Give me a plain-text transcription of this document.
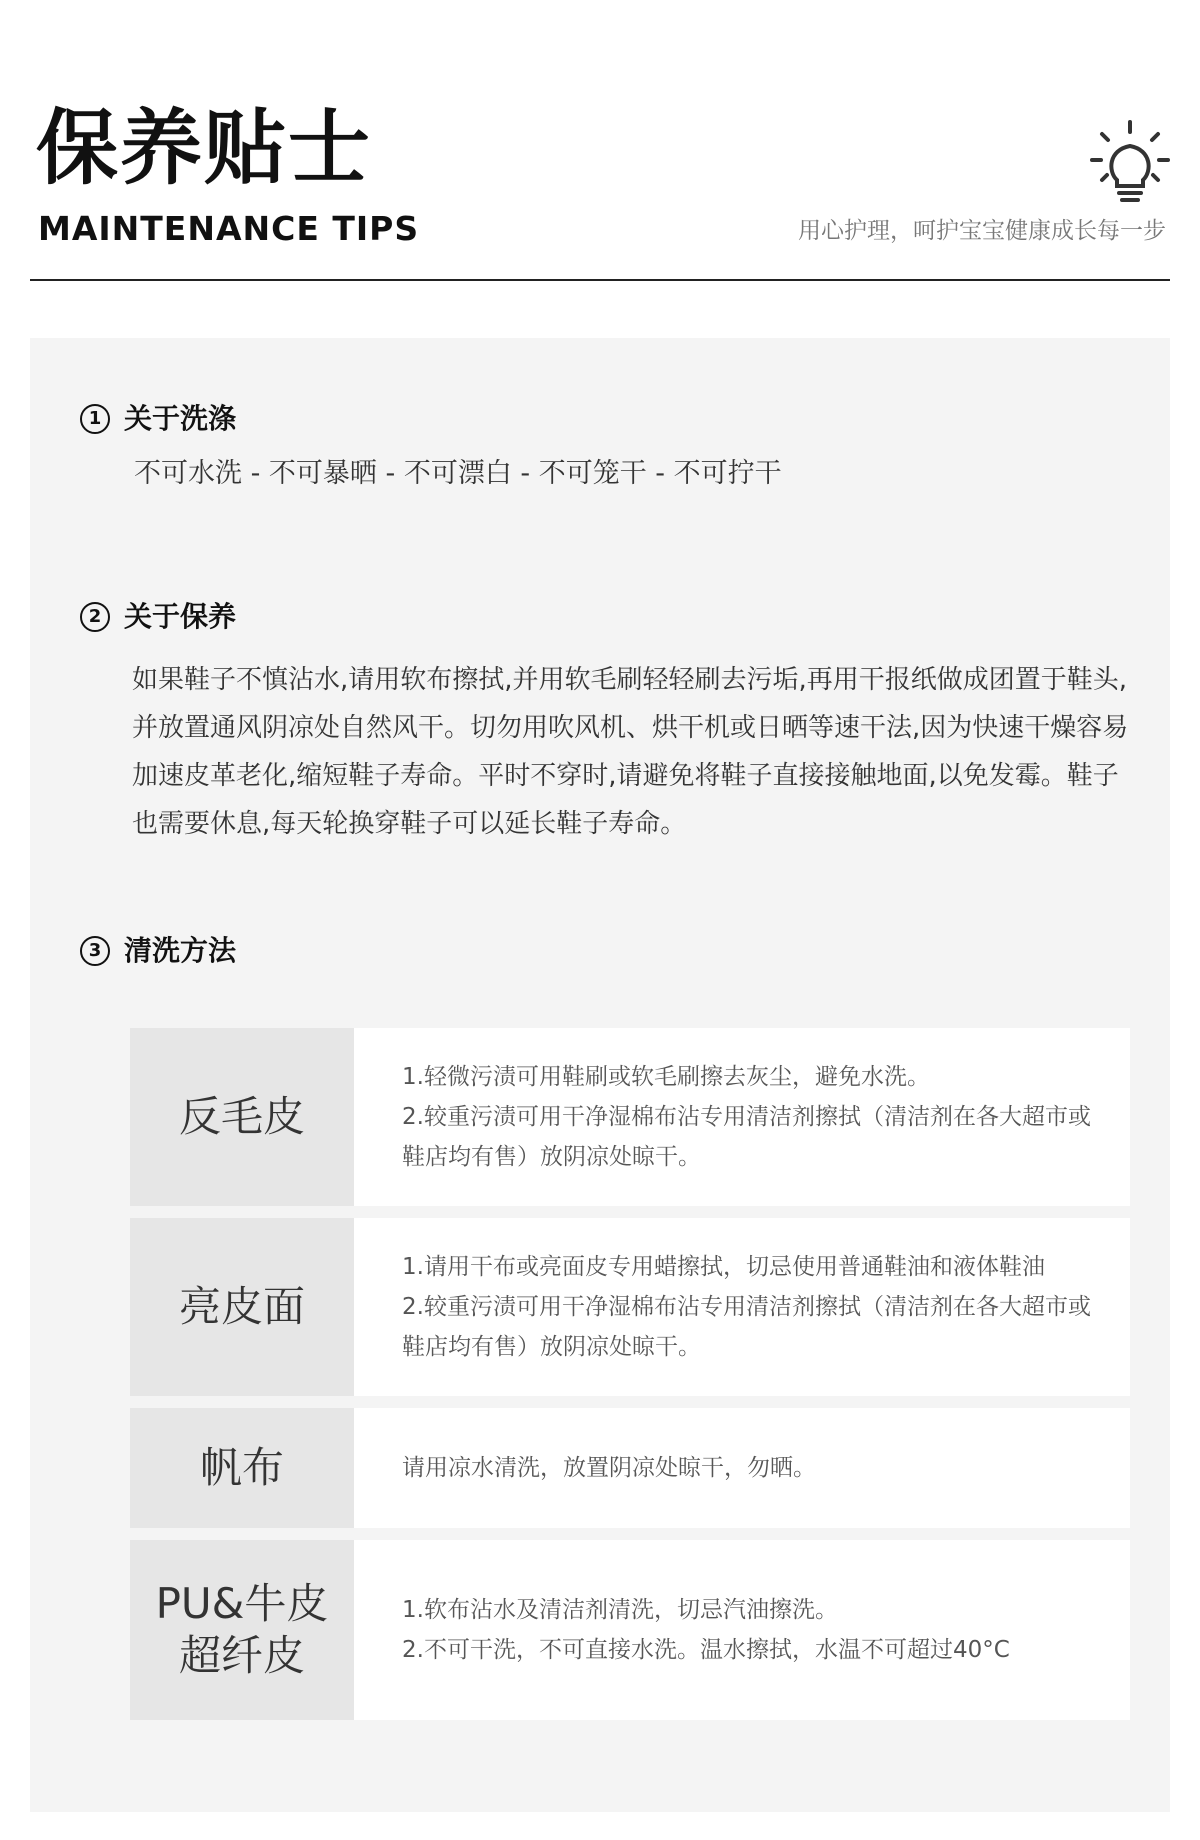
保养贴士
MAINTENANCE TIPS	用心护理，呵护宝宝健康成长每一步
1 关于洗涤
不可水洗 - 不可暴晒 - 不可漂白 - 不可笼干 - 不可拧干
2 关于保养
如果鞋子不慎沾水,请用软布擦拭,并用软毛刷轻轻刷去污垢,再用干报纸做成团置于鞋头,并放置通风阴凉处自然风干。切勿用吹风机、烘干机或日晒等速干法,因为快速干燥容易加速皮革老化,缩短鞋子寿命。平时不穿时,请避免将鞋子直接接触地面,以免发霉。鞋子也需要休息,每天轮换穿鞋子可以延长鞋子寿命。
3 清洗方法
反毛皮

1.轻微污渍可用鞋刷或软毛刷擦去灰尘，避免水洗。

2.较重污渍可用干净湿棉布沾专用清洁剂擦拭（清洁剂在各大超市或鞋店均有售）放阴凉处晾干。

亮皮面

1.请用干布或亮面皮专用蜡擦拭，切忌使用普通鞋油和液体鞋油

2.较重污渍可用干净湿棉布沾专用清洁剂擦拭（清洁剂在各大超市或鞋店均有售）放阴凉处晾干。

帆布	请用凉水清洗，放置阴凉处晾干，勿晒。

PU&牛皮
超纤皮

1.软布沾水及清洁剂清洗，切忌汽油擦洗。

2.不可干洗，不可直接水洗。温水擦拭，水温不可超过40°C
